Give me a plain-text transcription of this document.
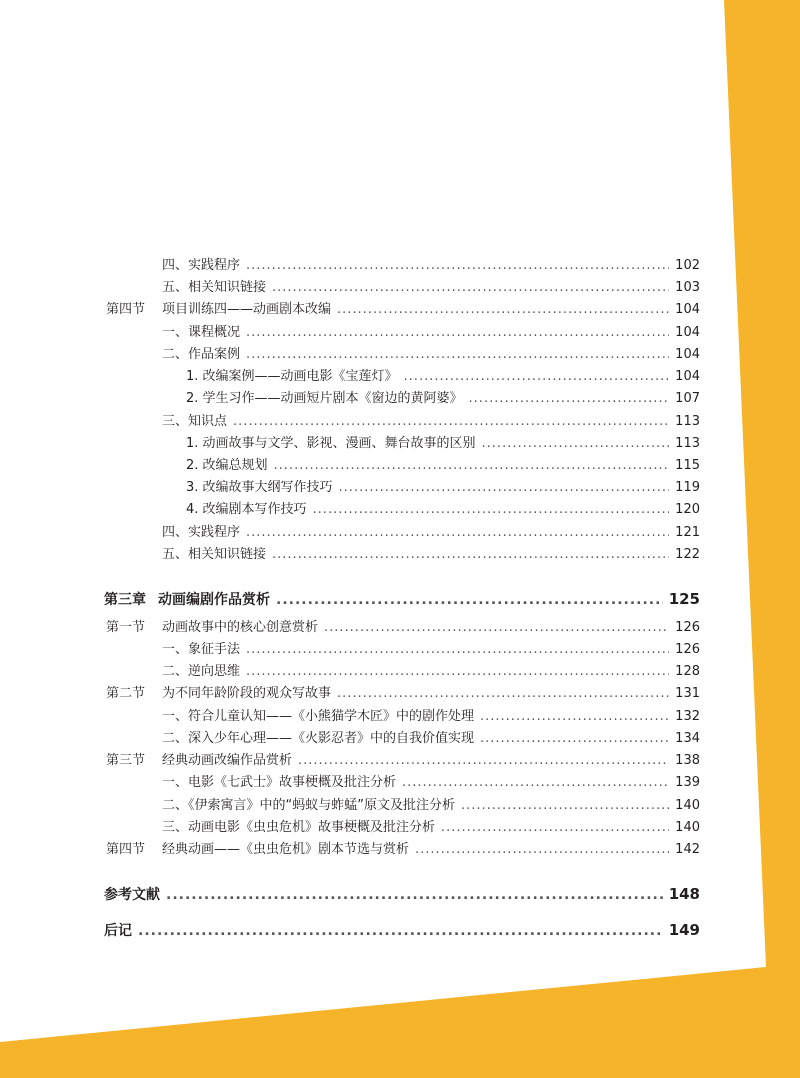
四、实践程序 .....	102
五、相关知识链接 .....	103
第四节 项目训练四——动画剧本改编 .....	104
一、课程概况 .....	104
二、作品案例 .....	104
1. 改编案例——动画电影《宝莲灯》 .....	104
2. 学生习作——动画短片剧本《窗边的黄阿婆》 .....	107
三、知识点 .....	113
1. 动画故事与文学、影视、漫画、舞台故事的区别 .....	113
2. 改编总规划 .....	115
3. 改编故事大纲写作技巧 .....	119
4. 改编剧本写作技巧 .....	120
四、实践程序 .....	121
五、相关知识链接 .....	122
第三章 动画编剧作品赏析 .....	125
第一节 动画故事中的核心创意赏析 .....	126
一、象征手法 .....	126
二、逆向思维 .....	128
第二节 为不同年龄阶段的观众写故事 .....	131
一、符合儿童认知——《小熊猫学木匠》中的剧作处理 .....	132
二、深入少年心理——《火影忍者》中的自我价值实现 .....	134
第三节 经典动画改编作品赏析 .....	138
一、电影《七武士》故事梗概及批注分析 .....	139
二、《伊索寓言》中的“蚂蚁与蚱蜢”原文及批注分析 .....	140
三、动画电影《虫虫危机》故事梗概及批注分析 .....	140
第四节 经典动画——《虫虫危机》剧本节选与赏析 .....	142
参考文献 .....	148
后记 .....	149
